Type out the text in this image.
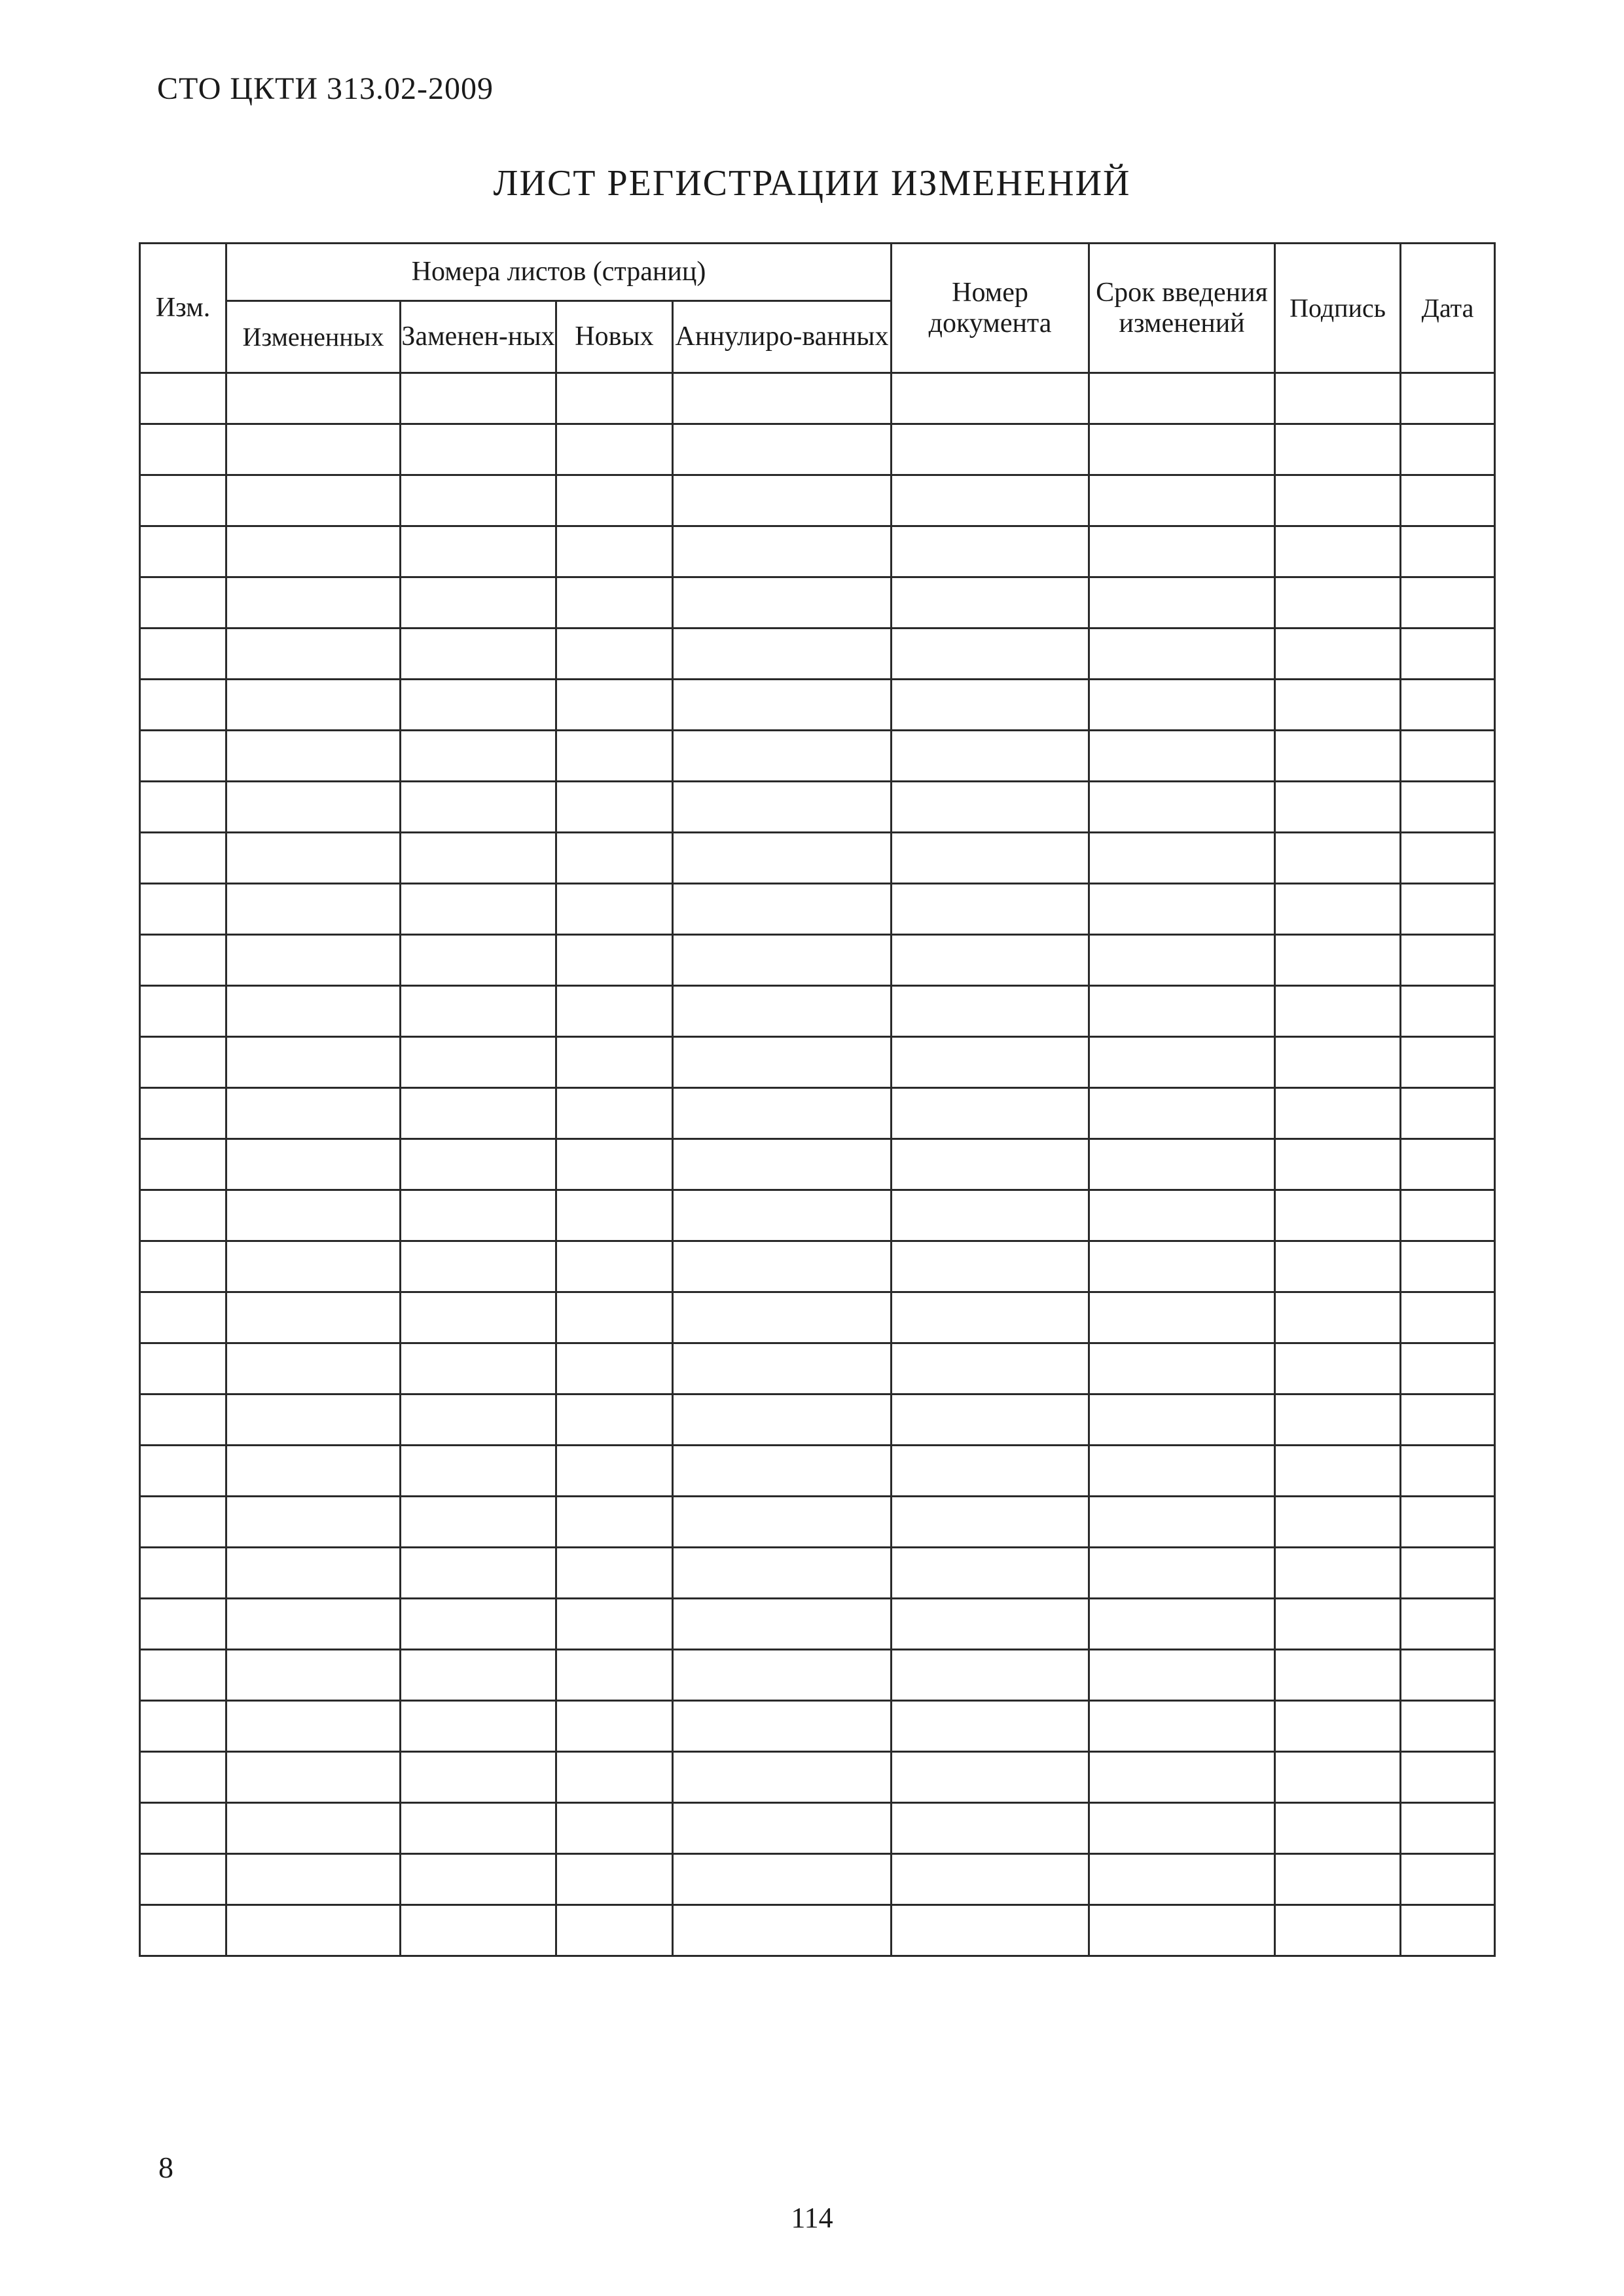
СТО ЦКТИ 313.02-2009
ЛИСТ РЕГИСТРАЦИИ ИЗМЕНЕНИЙ
Изм.	Номера листов (страниц)				Номер документа	Срок введения изменений	Подпись	Дата
	Измененных	Заменен-ных	Новых	Аннулиро-ванных				

8
114
